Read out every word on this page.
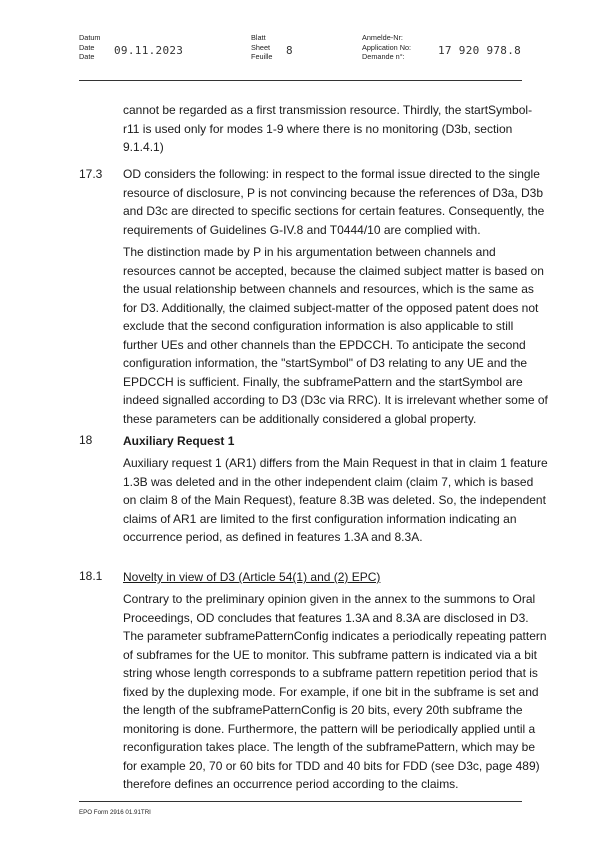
Datum
Date
Date	09.11.2023
Blatt
Sheet
Feuille 8
Anmelde-Nr:
Application No:
Demande n°:	17 920 978.8
cannot be regarded as a first transmission resource. Thirdly, the startSymbol-
r11 is used only for modes 1-9 where there is no monitoring (D3b, section
9.1.4.1)
17.3 OD considers the following: in respect to the formal issue directed to the single
resource of disclosure, P is not convincing because the references of D3a, D3b
and D3c are directed to specific sections for certain features. Consequently, the
requirements of Guidelines G-IV.8 and T0444/10 are complied with.
The distinction made by P in his argumentation between channels and
resources cannot be accepted, because the claimed subject matter is based on
the usual relationship between channels and resources, which is the same as
for D3. Additionally, the claimed subject-matter of the opposed patent does not
exclude that the second configuration information is also applicable to still
further UEs and other channels than the EPDCCH. To anticipate the second
configuration information, the "startSymbol" of D3 relating to any UE and the
EPDCCH is sufficient. Finally, the subframePattern and the startSymbol are
indeed signalled according to D3 (D3c via RRC). It is irrelevant whether some of
these parameters can be additionally considered a global property.
18	Auxiliary Request 1
Auxiliary request 1 (AR1) differs from the Main Request in that in claim 1 feature
1.3B was deleted and in the other independent claim (claim 7, which is based
on claim 8 of the Main Request), feature 8.3B was deleted. So, the independent
claims of AR1 are limited to the first configuration information indicating an
occurrence period, as defined in features 1.3A and 8.3A.
18.1 Novelty in view of D3 (Article 54(1) and (2) EPC)
Contrary to the preliminary opinion given in the annex to the summons to Oral
Proceedings, OD concludes that features 1.3A and 8.3A are disclosed in D3.
The parameter subframePatternConfig indicates a periodically repeating pattern
of subframes for the UE to monitor. This subframe pattern is indicated via a bit
string whose length corresponds to a subframe pattern repetition period that is
fixed by the duplexing mode. For example, if one bit in the subframe is set and
the length of the subframePatternConfig is 20 bits, every 20th subframe the
monitoring is done. Furthermore, the pattern will be periodically applied until a
reconfiguration takes place. The length of the subframePattern, which may be
for example 20, 70 or 60 bits for TDD and 40 bits for FDD (see D3c, page 489)
therefore defines an occurrence period according to the claims.
EPO Form 2916 01.91TRI
